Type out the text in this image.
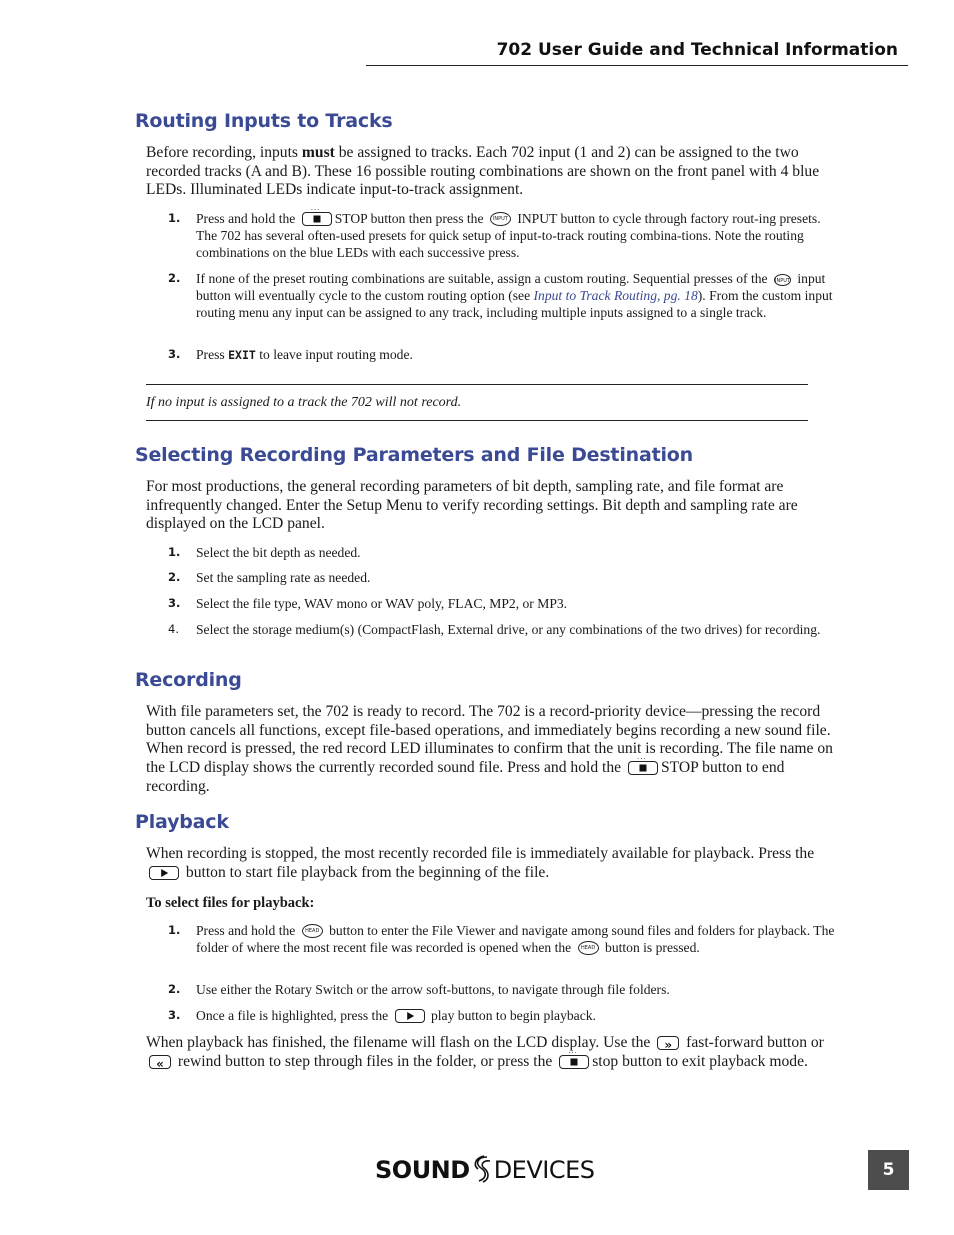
702 User Guide and Technical Information
Routing Inputs to Tracks

Before recording, inputs must be assigned to tracks. Each 702 input (1 and 2) can be assigned to the two recorded tracks (A and B). These 16 possible routing combinations are shown on the front panel with 4 blue LEDs. Illuminated LEDs indicate input-to-track assignment.

1. Press and hold the
···
STOP button then press the	INPUT INPUT button to cycle through factory rout-ing presets. The 702 has several often-used presets for quick setup of input-to-track routing combina-tions. Note the routing combinations on the blue LEDs with each successive press.
2. If none of the preset routing combinations are suitable, assign a custom routing. Sequential presses of the INPUT input button will eventually cycle to the custom routing option (see Input to Track Routing, pg. 18). From the custom input routing menu any input can be assigned to any track, including multiple inputs assigned to a single track.
3. Press EXIT to leave input routing mode.
If no input is assigned to a track the 702 will not record.
Selecting Recording Parameters and File Destination

For most productions, the general recording parameters of bit depth, sampling rate, and file format are infrequently changed. Enter the Setup Menu to verify recording settings. Bit depth and sampling rate are displayed on the LCD panel.

1. Select the bit depth as needed.
2. Set the sampling rate as needed.
3. Select the file type, WAV mono or WAV poly, FLAC, MP2, or MP3.
4. Select the storage medium(s) (CompactFlash, External drive, or any combinations of the two drives) for recording.
Recording

With file parameters set, the 702 is ready to record. The 702 is a record-priority device—pressing the record button cancels all functions, except file-based operations, and immediately begins recording a new sound file. When record is pressed, the red record LED illuminates to confirm that the unit is recording. The file name on the LCD display shows the currently recorded sound file. Press and hold the ··· STOP button to end recording.

Playback

When recording is stopped, the most recently recorded file is immediately available for playback. Press the
button to start file playback from the beginning of the file.

To select files for playback:
1. Press and hold the	HEAD button to enter the File Viewer and navigate among sound files and folders for playback. The folder of where the most recent file was recorded is opened when the	HEAD button is pressed.
2. Use either the Rotary Switch or the arrow soft-buttons, to navigate through file folders.
3. Once a file is highlighted, press the	play button to begin playback.

When playback has finished, the filename will flash on the LCD display. Use the	» fast-forward button or
« rewind button to step through files in the folder, or press the ··· stop button to exit playback mode.

SOUND DEVICES	5
